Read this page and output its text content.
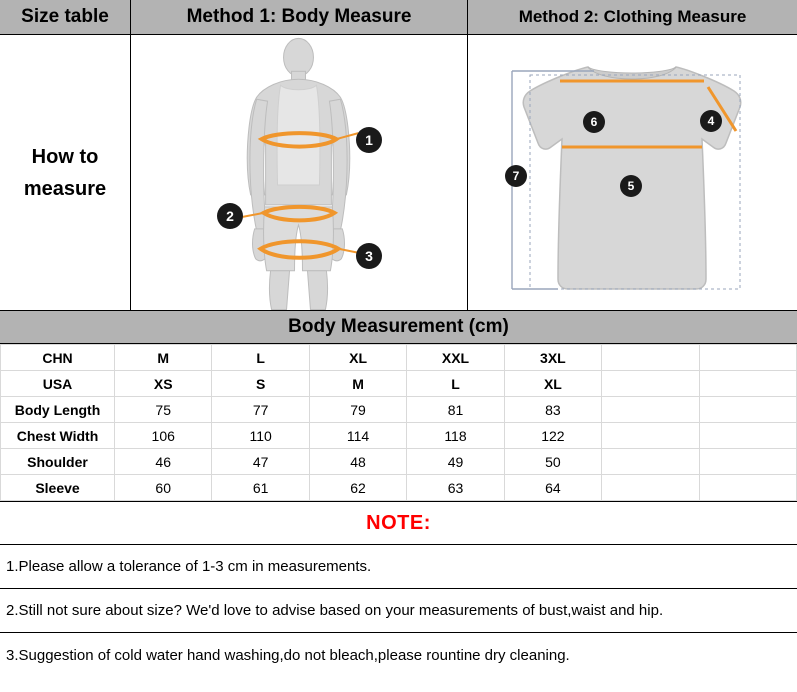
Size table
How to
measure
Method 1: Body Measure
1
2
3
Method 2: Clothing Measure
6	4
7
5
Body Measurement (cm)
CHN	M	L	XL	XXL	3XL		
USA	XS	S	M	L	XL		
Body Length	75	77	79	81	83		
Chest Width	106	110	114	118	122		
Shoulder	46	47	48	49	50		
Sleeve	60	61	62	63	64		
NOTE:
1.Please allow a tolerance of 1-3 cm in measurements.
2.Still not sure about size? We'd love to advise based on your measurements of bust,waist and hip.
3.Suggestion of cold water hand washing,do not bleach,please rountine dry cleaning.
